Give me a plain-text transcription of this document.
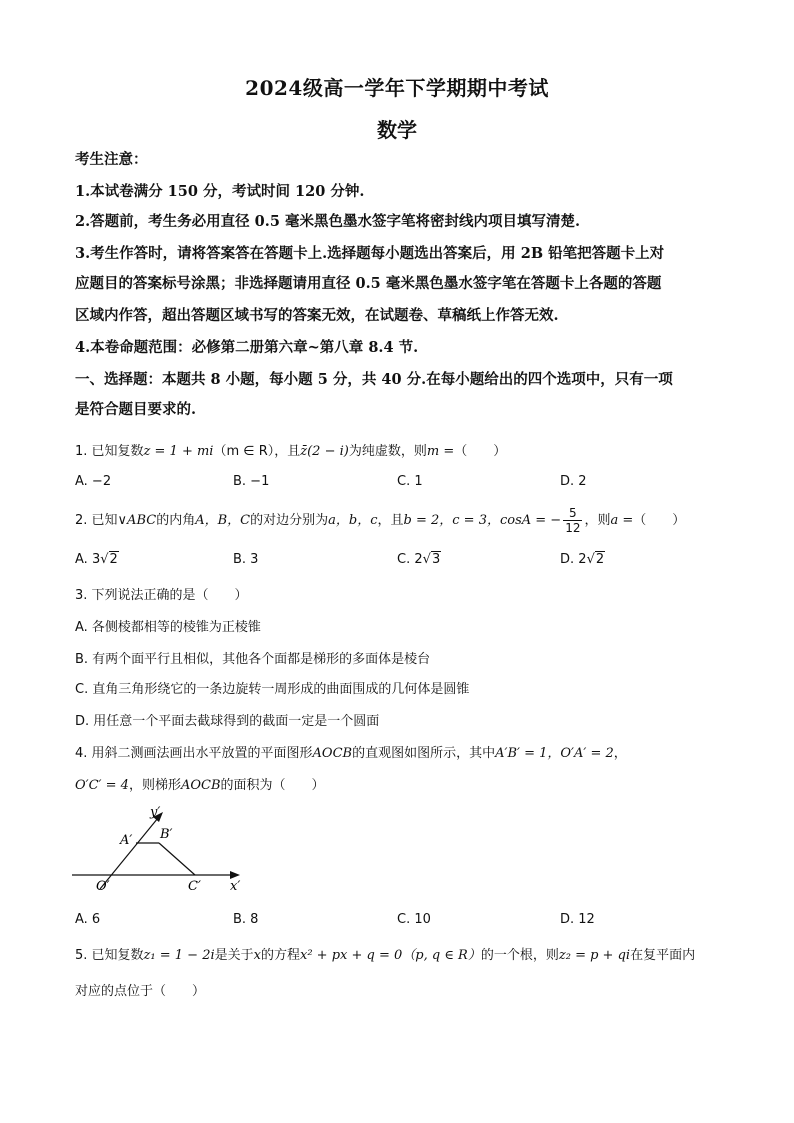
2024级高一学年下学期期中考试
数学
考生注意：
1.本试卷满分 150 分，考试时间 120 分钟.
2.答题前，考生务必用直径 0.5 毫米黑色墨水签字笔将密封线内项目填写清楚.
3.考生作答时，请将答案答在答题卡上.选择题每小题选出答案后，用 2B 铅笔把答题卡上对
应题目的答案标号涂黑；非选择题请用直径 0.5 毫米黑色墨水签字笔在答题卡上各题的答题
区域内作答，超出答题区域书写的答案无效，在试题卷、草稿纸上作答无效.
4.本卷命题范围：必修第二册第六章~第八章 8.4 节.
一、选择题：本题共 8 小题，每小题 5 分，共 40 分.在每小题给出的四个选项中，只有一项
是符合题目要求的.
1. 已知复数z = 1 + mi（m ∈ R），且z̄(2 − i)为纯虚数，则m =（　　）
A. −2	B. −1	C. 1	D. 2
2. 已知∨ABC的内角A，B，C的对边分别为a，b，c，且b = 2，c = 3，cosA = − $\frac{5}{12}$ ，则a =（　　）
A. 3√2	B. 3	C. 2√3	D. 2√2
3. 下列说法正确的是（　　）
A. 各侧棱都相等的棱锥为正棱锥
B. 有两个面平行且相似，其他各个面都是梯形的多面体是棱台
C. 直角三角形绕它的一条边旋转一周形成的曲面围成的几何体是圆锥
D. 用任意一个平面去截球得到的截面一定是一个圆面
4. 用斜二测画法画出水平放置的平面图形AOCB的直观图如图所示，其中A′B′ = 1，O′A′ = 2，
O′C′ = 4，则梯形AOCB的面积为（　　）
y′
A′ B′
O′	C′ x′
A. 6	B. 8	C. 10	D. 12
5. 已知复数z₁ = 1 − 2i是关于x的方程x² + px + q = 0（p, q ∈ R）的一个根，则z₂ = p + qi在复平面内
对应的点位于（　　）
